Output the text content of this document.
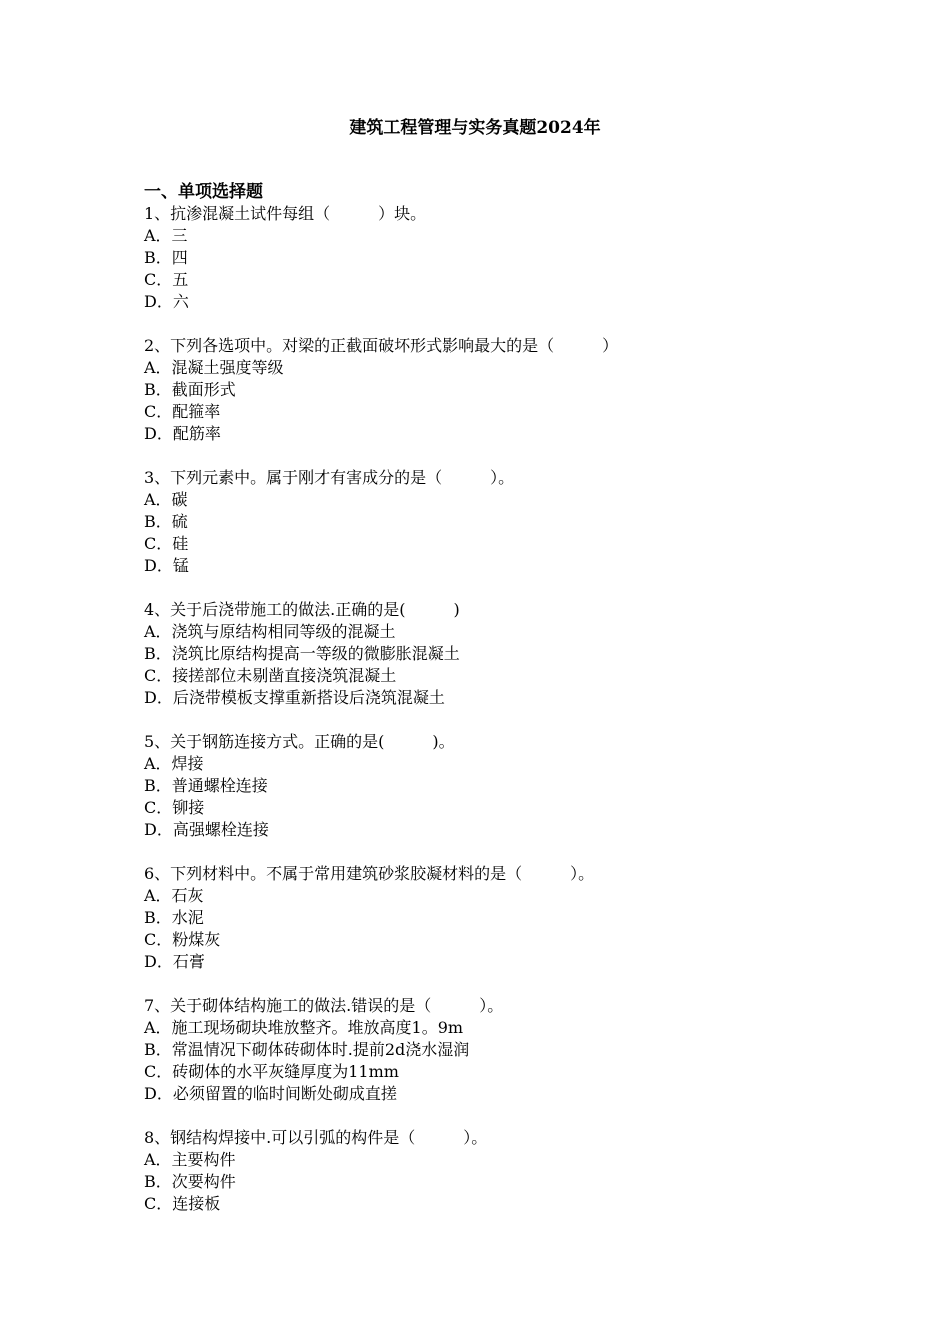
建筑工程管理与实务真题2024年
一、单项选择题
1、抗渗混凝土试件每组（　　　）块。
A．三
B．四
C．五
D．六
2、下列各选项中。对梁的正截面破坏形式影响最大的是（　　　）
A．混凝土强度等级
B．截面形式
C．配箍率
D．配筋率
3、下列元素中。属于刚才有害成分的是（　　　）。
A．碳
B．硫
C．硅
D．锰
4、关于后浇带施工的做法.正确的是(　　　)
A．浇筑与原结构相同等级的混凝土
B．浇筑比原结构提高一等级的微膨胀混凝土
C．接搓部位未剔凿直接浇筑混凝土
D．后浇带模板支撑重新搭设后浇筑混凝土
5、关于钢筋连接方式。正确的是(　　　)。
A．焊接
B．普通螺栓连接
C．铆接
D．高强螺栓连接
6、下列材料中。不属于常用建筑砂浆胶凝材料的是（　　　）。
A．石灰
B．水泥
C．粉煤灰
D．石膏
7、关于砌体结构施工的做法.错误的是（　　　）。
A．施工现场砌块堆放整齐。堆放高度1。9m
B．常温情况下砌体砖砌体时.提前2d浇水湿润
C．砖砌体的水平灰缝厚度为11mm
D．必须留置的临时间断处砌成直搓
8、钢结构焊接中.可以引弧的构件是（　　　）。
A．主要构件
B．次要构件
C．连接板
